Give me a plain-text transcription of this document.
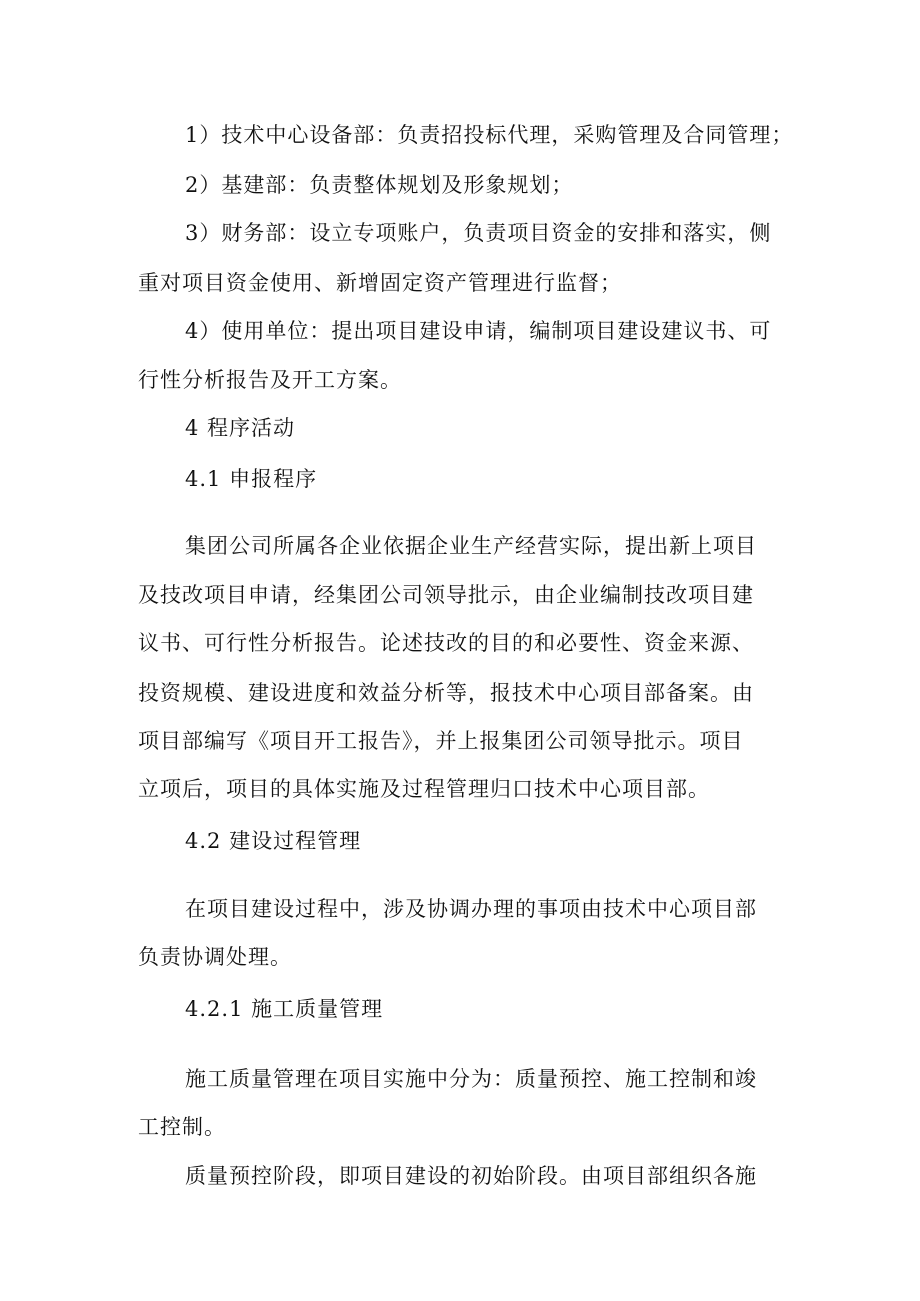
1）技术中心设备部：负责招投标代理，采购管理及合同管理；
2）基建部：负责整体规划及形象规划；
3）财务部：设立专项账户，负责项目资金的安排和落实，侧
重对项目资金使用、新增固定资产管理进行监督；
4）使用单位：提出项目建设申请，编制项目建设建议书、可
行性分析报告及开工方案。
4 程序活动
4.1 申报程序
集团公司所属各企业依据企业生产经营实际，提出新上项目
及技改项目申请，经集团公司领导批示，由企业编制技改项目建
议书、可行性分析报告。论述技改的目的和必要性、资金来源、
投资规模、建设进度和效益分析等，报技术中心项目部备案。由
项目部编写《项目开工报告》，并上报集团公司领导批示。项目
立项后，项目的具体实施及过程管理归口技术中心项目部。
4.2 建设过程管理
在项目建设过程中，涉及协调办理的事项由技术中心项目部
负责协调处理。
4.2.1 施工质量管理
施工质量管理在项目实施中分为：质量预控、施工控制和竣
工控制。
质量预控阶段，即项目建设的初始阶段。由项目部组织各施
